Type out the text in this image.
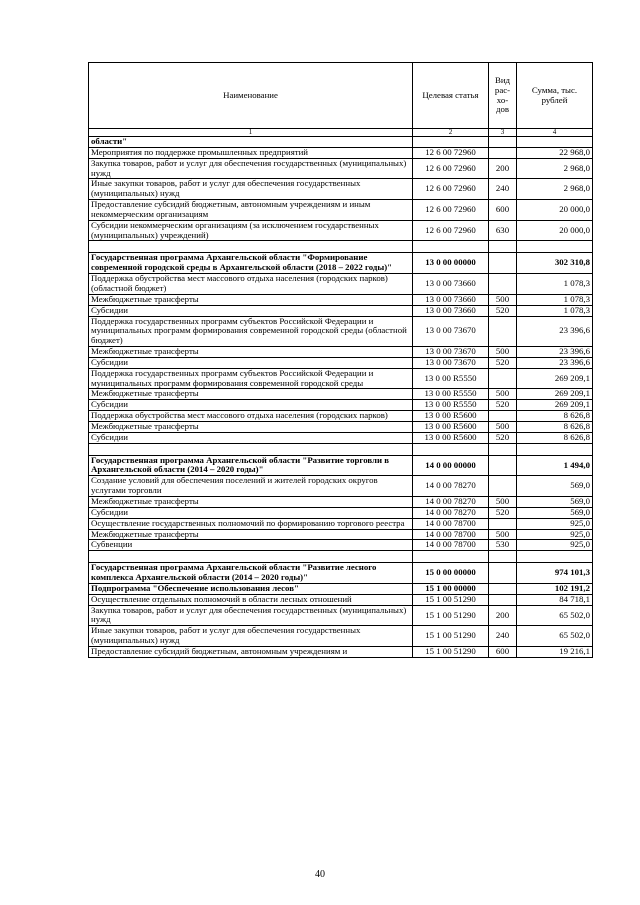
Наименование	Целевая статья	Вид рас-
хо-
дов	Сумма, тыс. рублей
1	2	3	4
области"			
Мероприятия по поддержке промышленных предприятий	12 6 00 72960		22 968,0
Закупка товаров, работ и услуг для обеспечения государственных (муниципальных) нужд	12 6 00 72960	200	2 968,0
Иные закупки товаров, работ и услуг для обеспечения государственных (муниципальных) нужд	12 6 00 72960	240	2 968,0
Предоставление субсидий бюджетным, автономным учреждениям и иным некоммерческим организациям	12 6 00 72960	600	20 000,0
Субсидии некоммерческим организациям (за исключением государственных (муниципальных) учреждений)	12 6 00 72960	630	20 000,0

Государственная программа Архангельской области "Формирование современной городской среды в Архангельской области (2018 – 2022 годы)"	13 0 00 00000		302 310,8
Поддержка обустройства мест массового отдыха населения (городских парков) (областной бюджет)	13 0 00 73660		1 078,3
Межбюджетные трансферты	13 0 00 73660	500	1 078,3
Субсидии	13 0 00 73660	520	1 078,3
Поддержка государственных программ субъектов Российской Федерации и муниципальных программ формирования современной городской среды (областной бюджет)	13 0 00 73670		23 396,6
Межбюджетные трансферты	13 0 00 73670	500	23 396,6
Субсидии	13 0 00 73670	520	23 396,6
Поддержка государственных программ субъектов Российской Федерации и муниципальных программ формирования современной городской среды	13 0 00 R5550		269 209,1
Межбюджетные трансферты	13 0 00 R5550	500	269 209,1
Субсидии	13 0 00 R5550	520	269 209,1
Поддержка обустройства мест массового отдыха населения (городских парков)	13 0 00 R5600		8 626,8
Межбюджетные трансферты	13 0 00 R5600	500	8 626,8
Субсидии	13 0 00 R5600	520	8 626,8

Государственная программа Архангельской области "Развитие торговли в Архангельской области (2014 – 2020 годы)"	14 0 00 00000		1 494,0
Создание условий для обеспечения поселений и жителей городских округов услугами торговли	14 0 00 78270		569,0
Межбюджетные трансферты	14 0 00 78270	500	569,0
Субсидии	14 0 00 78270	520	569,0
Осуществление государственных полномочий по формированию торгового реестра	14 0 00 78700		925,0
Межбюджетные трансферты	14 0 00 78700	500	925,0
Субвенции	14 0 00 78700	530	925,0

Государственная программа Архангельской области "Развитие лесного комплекса Архангельской области (2014 – 2020 годы)"	15 0 00 00000		974 101,3
Подпрограмма "Обеспечение использования лесов"	15 1 00 00000		102 191,2
Осуществление отдельных полномочий в области лесных отношений	15 1 00 51290		84 718,1
Закупка товаров, работ и услуг для обеспечения государственных (муниципальных) нужд	15 1 00 51290	200	65 502,0
Иные закупки товаров, работ и услуг для обеспечения государственных (муниципальных) нужд	15 1 00 51290	240	65 502,0
Предоставление субсидий бюджетным, автономным учреждениям и	15 1 00 51290	600	19 216,1
40
